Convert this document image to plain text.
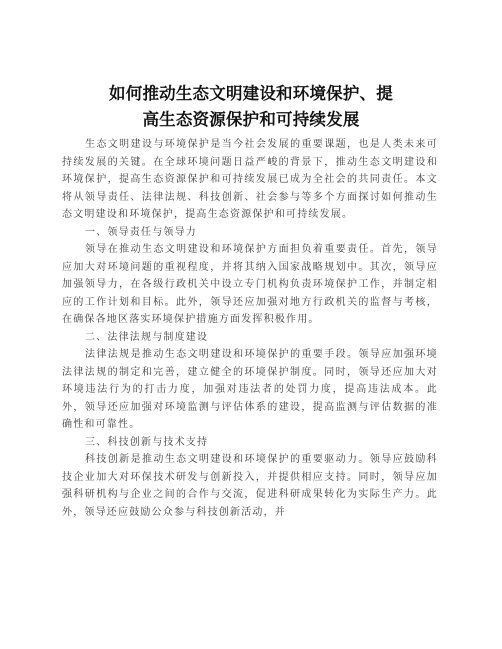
如何推动生态文明建设和环境保护、提
高生态资源保护和可持续发展

生态文明建设与环境保护是当今社会发展的重要课题，也是人类未来可持续发展的关键。在全球环境问题日益严峻的背景下，推动生态文明建设和环境保护，提高生态资源保护和可持续发展已成为全社会的共同责任。本文将从领导责任、法律法规、科技创新、社会参与等多个方面探讨如何推动生态文明建设和环境保护，提高生态资源保护和可持续发展。

一、领导责任与领导力

领导在推动生态文明建设和环境保护方面担负着重要责任。首先，领导应加大对环境问题的重视程度，并将其纳入国家战略规划中。其次，领导应加强领导力，在各级行政机关中设立专门机构负责环境保护工作，并制定相应的工作计划和目标。此外，领导还应加强对地方行政机关的监督与考核，在确保各地区落实环境保护措施方面发挥积极作用。

二、法律法规与制度建设

法律法规是推动生态文明建设和环境保护的重要手段。领导应加强环境法律法规的制定和完善，建立健全的环境保护制度。同时，领导还应加大对环境违法行为的打击力度，加强对违法者的处罚力度，提高违法成本。此外，领导还应加强对环境监测与评估体系的建设，提高监测与评估数据的准确性和可靠性。

三、科技创新与技术支持

科技创新是推动生态文明建设和环境保护的重要驱动力。领导应鼓励科技企业加大对环保技术研发与创新投入，并提供相应支持。同时，领导应加强科研机构与企业之间的合作与交流，促进科研成果转化为实际生产力。此外，领导还应鼓励公众参与科技创新活动，并
